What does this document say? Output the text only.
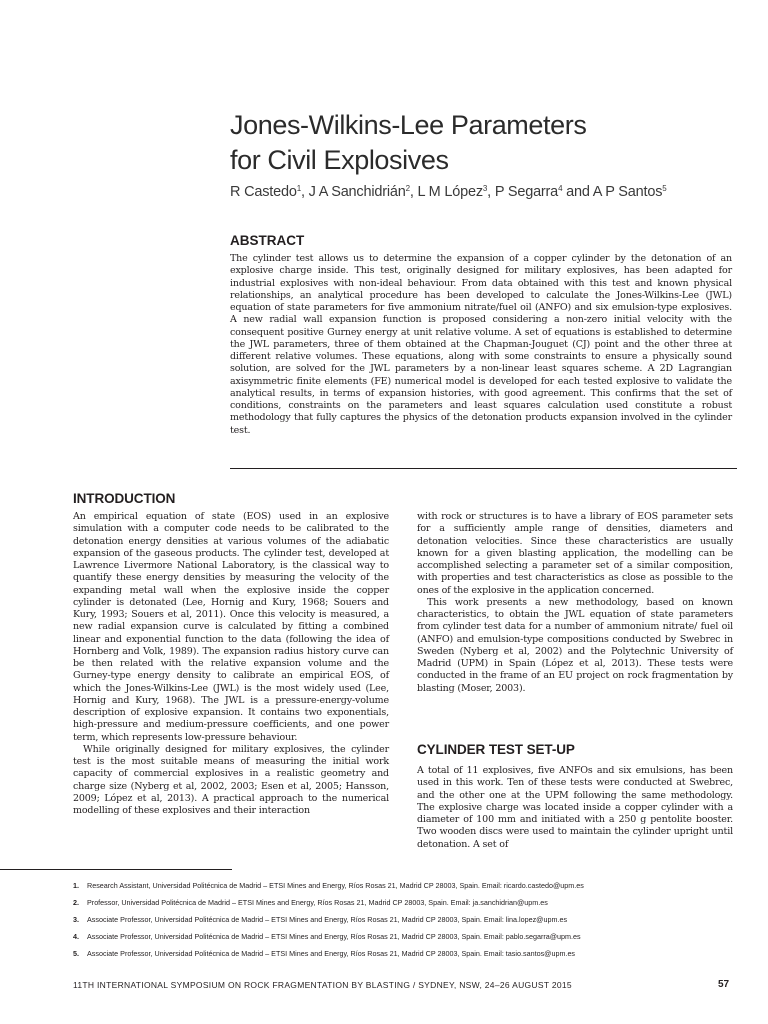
Jones-Wilkins-Lee Parameters
for Civil Explosives
R Castedo$^1$, J A Sanchidrián$^2$, L M López$^3$, P Segarra$^4$ and A P Santos$^5$
ABSTRACT

The cylinder test allows us to determine the expansion of a copper cylinder by the detonation of an explosive charge inside. This test, originally designed for military explosives, has been adapted for industrial explosives with non-ideal behaviour. From data obtained with this test and known physical relationships, an analytical procedure has been developed to calculate the Jones-Wilkins-Lee (JWL) equation of state parameters for five ammonium nitrate/fuel oil (ANFO) and six emulsion-type explosives. A new radial wall expansion function is proposed considering a non-zero initial velocity with the consequent positive Gurney energy at unit relative volume. A set of equations is established to determine the JWL parameters, three of them obtained at the Chapman-Jouguet (CJ) point and the other three at different relative volumes. These equations, along with some constraints to ensure a physically sound solution, are solved for the JWL parameters by a non-linear least squares scheme. A 2D Lagrangian axisymmetric finite elements (FE) numerical model is developed for each tested explosive to validate the analytical results, in terms of expansion histories, with good agreement. This confirms that the set of conditions, constraints on the parameters and least squares calculation used constitute a robust methodology that fully captures the physics of the detonation products expansion involved in the cylinder test.

INTRODUCTION

An empirical equation of state (EOS) used in an explosive simulation with a computer code needs to be calibrated to the detonation energy densities at various volumes of the adiabatic expansion of the gaseous products. The cylinder test, developed at Lawrence Livermore National Laboratory, is the classical way to quantify these energy densities by measuring the velocity of the expanding metal wall when the explosive inside the copper cylinder is detonated (Lee, Hornig and Kury, 1968; Souers and Kury, 1993; Souers et al, 2011). Once this velocity is measured, a new radial expansion curve is calculated by fitting a combined linear and exponential function to the data (following the idea of Hornberg and Volk, 1989). The expansion radius history curve can be then related with the relative expansion volume and the Gurney-type energy density to calibrate an empirical EOS, of which the Jones-Wilkins-Lee (JWL) is the most widely used (Lee, Hornig and Kury, 1968). The JWL is a pressure-energy-volume description of explosive expansion. It contains two exponentials, high-pressure and medium-pressure coefficients, and one power term, which represents low-pressure behaviour.

While originally designed for military explosives, the cylinder test is the most suitable means of measuring the initial work capacity of commercial explosives in a realistic geometry and charge size (Nyberg et al, 2002, 2003; Esen et al, 2005; Hansson, 2009; López et al, 2013). A practical approach to the numerical modelling of these explosives and their interaction

with rock or structures is to have a library of EOS parameter sets for a sufficiently ample range of densities, diameters and detonation velocities. Since these characteristics are usually known for a given blasting application, the modelling can be accomplished selecting a parameter set of a similar composition, with properties and test characteristics as close as possible to the ones of the explosive in the application concerned.

This work presents a new methodology, based on known characteristics, to obtain the JWL equation of state parameters from cylinder test data for a number of ammonium nitrate/ fuel oil (ANFO) and emulsion-type compositions conducted by Swebrec in Sweden (Nyberg et al, 2002) and the Polytechnic University of Madrid (UPM) in Spain (López et al, 2013). These tests were conducted in the frame of an EU project on rock fragmentation by blasting (Moser, 2003).

CYLINDER TEST SET-UP

A total of 11 explosives, five ANFOs and six emulsions, has been used in this work. Ten of these tests were conducted at Swebrec, and the other one at the UPM following the same methodology. The explosive charge was located inside a copper cylinder with a diameter of 100 mm and initiated with a 250 g pentolite booster. Two wooden discs were used to maintain the cylinder upright until detonation. A set of

1. Research Assistant, Universidad Politécnica de Madrid – ETSI Mines and Energy, Ríos Rosas 21, Madrid CP 28003, Spain. Email: ricardo.castedo@upm.es
2. Professor, Universidad Politécnica de Madrid – ETSI Mines and Energy, Ríos Rosas 21, Madrid CP 28003, Spain. Email: ja.sanchidrian@upm.es
3. Associate Professor, Universidad Politécnica de Madrid – ETSI Mines and Energy, Ríos Rosas 21, Madrid CP 28003, Spain. Email: lina.lopez@upm.es
4. Associate Professor, Universidad Politécnica de Madrid – ETSI Mines and Energy, Ríos Rosas 21, Madrid CP 28003, Spain. Email: pablo.segarra@upm.es
5. Associate Professor, Universidad Politécnica de Madrid – ETSI Mines and Energy, Ríos Rosas 21, Madrid CP 28003, Spain. Email: tasio.santos@upm.es
11TH INTERNATIONAL SYMPOSIUM ON ROCK FRAGMENTATION BY BLASTING / SYDNEY, NSW, 24–26 AUGUST 2015	57
